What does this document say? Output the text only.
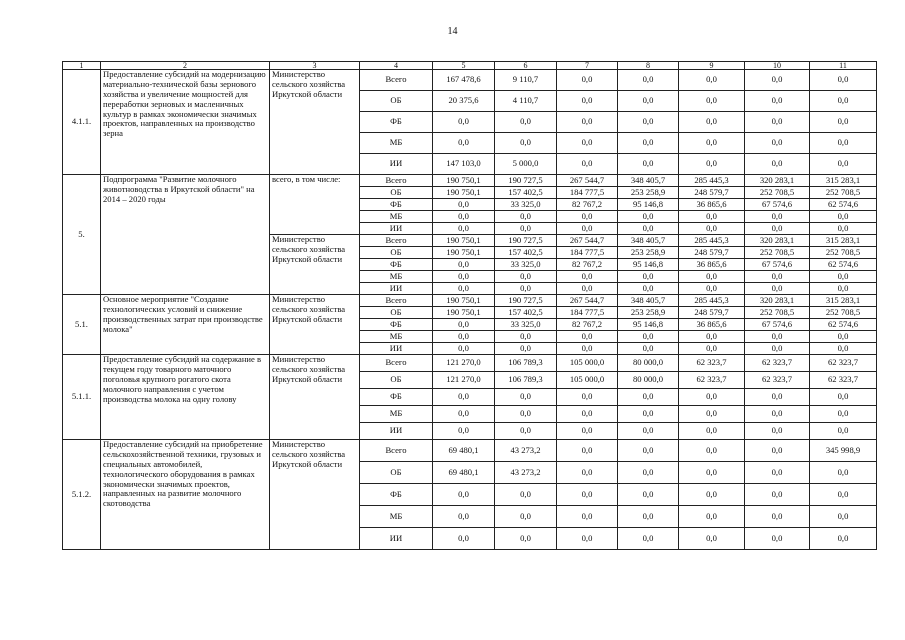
14
1	2	3	4	5	6	7	8	9	10	11
4.1.1.	Предоставление субсидий на модернизацию материально-технической базы зернового хозяйства и увеличение мощностей для переработки зерновых и масленичных культур в рамках экономически значимых проектов, направленных на производство зерна	Министерство сельского хозяйства Иркутской области	Всего	167 478,6	9 110,7	0,0	0,0	0,0	0,0	0,0
			ОБ	20 375,6	4 110,7	0,0	0,0	0,0	0,0	0,0
			ФБ	0,0	0,0	0,0	0,0	0,0	0,0	0,0
			МБ	0,0	0,0	0,0	0,0	0,0	0,0	0,0
			ИИ	147 103,0	5 000,0	0,0	0,0	0,0	0,0	0,0
5.	Подпрограмма "Развитие молочного животноводства в Иркутской области" на 2014 – 2020 годы	всего, в том числе:	Всего	190 750,1	190 727,5	267 544,7	348 405,7	285 445,3	320 283,1	315 283,1
			ОБ	190 750,1	157 402,5	184 777,5	253 258,9	248 579,7	252 708,5	252 708,5
			ФБ	0,0	33 325,0	82 767,2	95 146,8	36 865,6	67 574,6	62 574,6
			МБ	0,0	0,0	0,0	0,0	0,0	0,0	0,0
			ИИ	0,0	0,0	0,0	0,0	0,0	0,0	0,0
		Министерство сельского хозяйства Иркутской области	Всего	190 750,1	190 727,5	267 544,7	348 405,7	285 445,3	320 283,1	315 283,1
			ОБ	190 750,1	157 402,5	184 777,5	253 258,9	248 579,7	252 708,5	252 708,5
			ФБ	0,0	33 325,0	82 767,2	95 146,8	36 865,6	67 574,6	62 574,6
			МБ	0,0	0,0	0,0	0,0	0,0	0,0	0,0
			ИИ	0,0	0,0	0,0	0,0	0,0	0,0	0,0
5.1.	Основное мероприятие "Создание технологических условий и снижение производственных затрат при производстве молока"	Министерство сельского хозяйства Иркутской области	Всего	190 750,1	190 727,5	267 544,7	348 405,7	285 445,3	320 283,1	315 283,1
			ОБ	190 750,1	157 402,5	184 777,5	253 258,9	248 579,7	252 708,5	252 708,5
			ФБ	0,0	33 325,0	82 767,2	95 146,8	36 865,6	67 574,6	62 574,6
			МБ	0,0	0,0	0,0	0,0	0,0	0,0	0,0
			ИИ	0,0	0,0	0,0	0,0	0,0	0,0	0,0
5.1.1.	Предоставление субсидий на содержание в текущем году товарного маточного поголовья крупного рогатого скота молочного направления с учетом производства молока на одну голову	Министерство сельского хозяйства Иркутской области	Всего	121 270,0	106 789,3	105 000,0	80 000,0	62 323,7	62 323,7	62 323,7
			ОБ	121 270,0	106 789,3	105 000,0	80 000,0	62 323,7	62 323,7	62 323,7
			ФБ	0,0	0,0	0,0	0,0	0,0	0,0	0,0
			МБ	0,0	0,0	0,0	0,0	0,0	0,0	0,0
			ИИ	0,0	0,0	0,0	0,0	0,0	0,0	0,0
5.1.2.	Предоставление субсидий на приобретение сельскохозяйственной техники, грузовых и специальных автомобилей, технологического оборудования в рамках экономически значимых проектов, направленных на развитие молочного скотоводства	Министерство сельского хозяйства Иркутской области	Всего	69 480,1	43 273,2	0,0	0,0	0,0	0,0	345 998,9
			ОБ	69 480,1	43 273,2	0,0	0,0	0,0	0,0	0,0
			ФБ	0,0	0,0	0,0	0,0	0,0	0,0	0,0
			МБ	0,0	0,0	0,0	0,0	0,0	0,0	0,0
			ИИ	0,0	0,0	0,0	0,0	0,0	0,0	0,0
